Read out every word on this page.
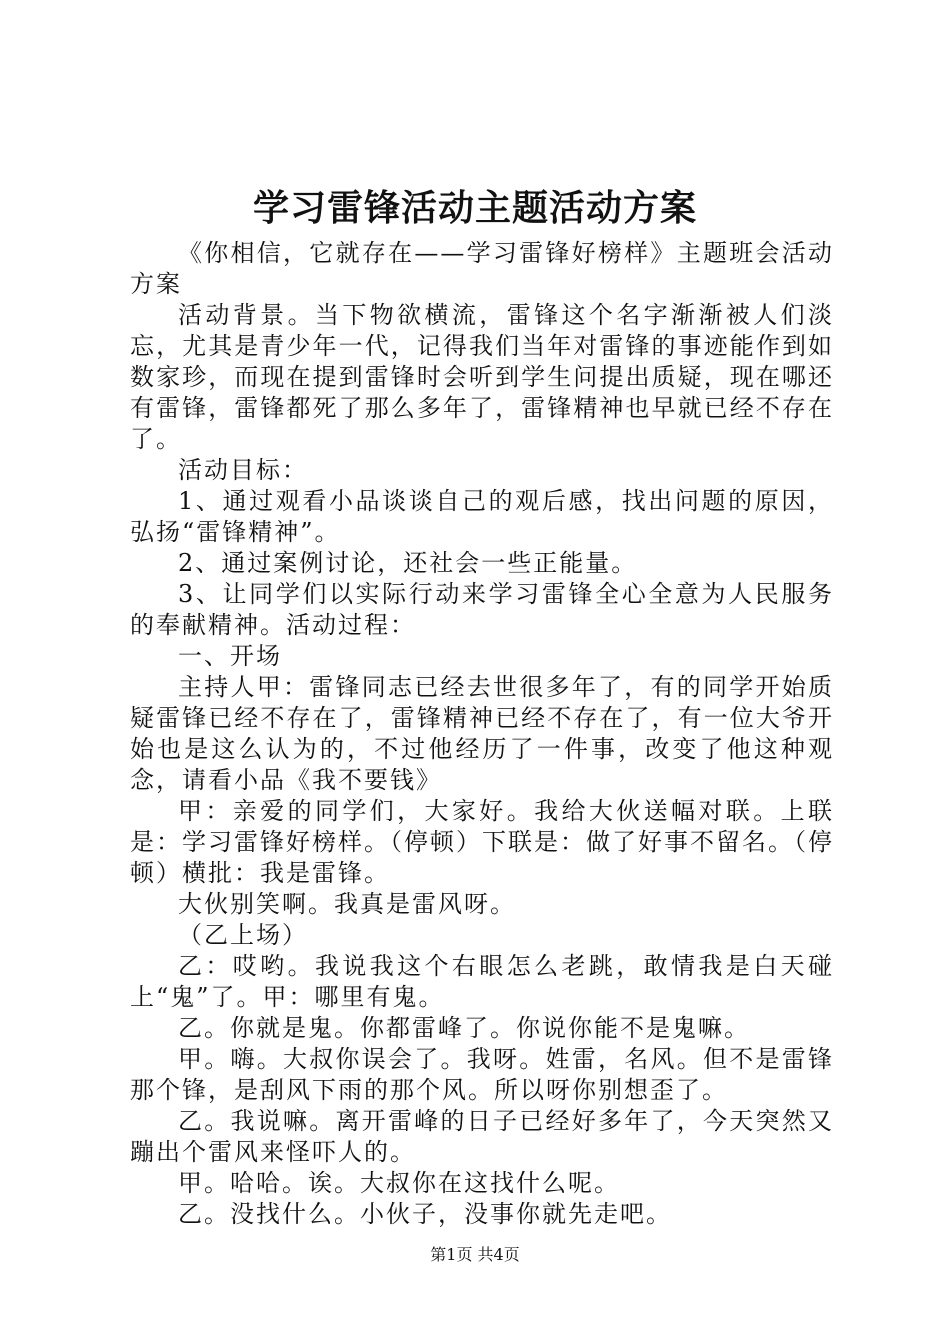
学习雷锋活动主题活动方案

《你相信，它就存在——学习雷锋好榜样》主题班会活动方案

活动背景。当下物欲横流，雷锋这个名字渐渐被人们淡忘，尤其是青少年一代，记得我们当年对雷锋的事迹能作到如数家珍，而现在提到雷锋时会听到学生问提出质疑，现在哪还有雷锋，雷锋都死了那么多年了，雷锋精神也早就已经不存在了。

活动目标：

1、通过观看小品谈谈自己的观后感，找出问题的原因，弘扬“雷锋精神”。

2、通过案例讨论，还社会一些正能量。

3、让同学们以实际行动来学习雷锋全心全意为人民服务的奉献精神。活动过程：

一、开场

主持人甲：雷锋同志已经去世很多年了，有的同学开始质疑雷锋已经不存在了，雷锋精神已经不存在了，有一位大爷开始也是这么认为的，不过他经历了一件事，改变了他这种观念，请看小品《我不要钱》

甲：亲爱的同学们，大家好。我给大伙送幅对联。上联是：学习雷锋好榜样。（停顿）下联是：做了好事不留名。（停顿）横批：我是雷锋。

大伙别笑啊。我真是雷风呀。

（乙上场）

乙：哎哟。我说我这个右眼怎么老跳，敢情我是白天碰上“鬼”了。甲：哪里有鬼。

乙。你就是鬼。你都雷峰了。你说你能不是鬼嘛。

甲。嗨。大叔你误会了。我呀。姓雷，名风。但不是雷锋那个锋，是刮风下雨的那个风。所以呀你别想歪了。

乙。我说嘛。离开雷峰的日子已经好多年了，今天突然又蹦出个雷风来怪吓人的。

甲。哈哈。诶。大叔你在这找什么呢。

乙。没找什么。小伙子，没事你就先走吧。

第1页 共4页
